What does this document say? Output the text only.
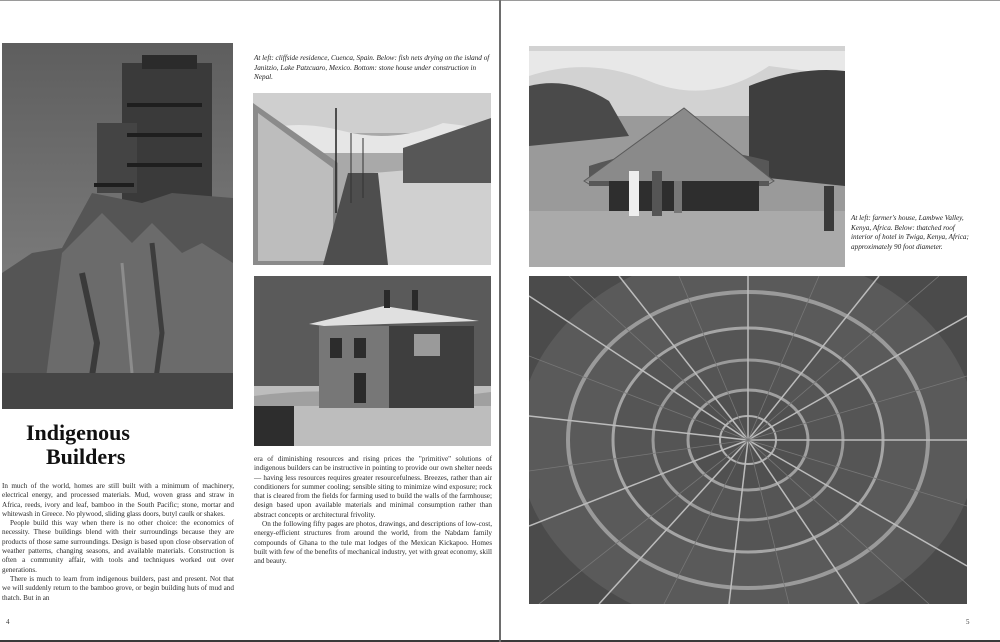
At left: cliffside residence, Cuenca, Spain. Below: fish nets drying on the island of Janitzio, Lake Patzcuaro, Mexico. Bottom: stone house under construction in Nepal.
Indigenous
Builders

In much of the world, homes are still built with a minimum of machinery, electrical energy, and processed materials. Mud, woven grass and straw in Africa, reeds, ivory and leaf, bamboo in the South Pacific; stone, mortar and whitewash in Greece. No plywood, sliding glass doors, butyl caulk or shakes.

People build this way when there is no other choice: the economics of necessity. These buildings blend with their surroundings because they are products of those same surroundings. Design is based upon close observation of weather patterns, changing seasons, and available materials. Construction is often a community affair, with tools and techniques worked out over generations.

There is much to learn from indigenous builders, past and present. Not that we will suddenly return to the bamboo grove, or begin building huts of mud and thatch. But in an

era of diminishing resources and rising prices the "primitive" solutions of indigenous builders can be instructive in pointing to provide our own shelter needs — having less resources requires greater resourcefulness. Breezes, rather than air conditioners for summer cooling; sensible siting to minimize wind exposure; rock that is cleared from the fields for farming used to build the walls of the farmhouse; design based upon available materials and minimal consumption rather than abstract concepts or architectural frivolity.

On the following fifty pages are photos, drawings, and descriptions of low-cost, energy-efficient structures from around the world, from the Nabdam family compounds of Ghana to the tule mat lodges of the Mexican Kickapoo. Homes built with few of the benefits of mechanical industry, yet with great economy, skill and beauty.

4
At left: farmer's house, Lambwe Valley, Kenya, Africa. Below: thatched roof interior of hotel in Twiga, Kenya, Africa; approximately 90 foot diameter.
5
